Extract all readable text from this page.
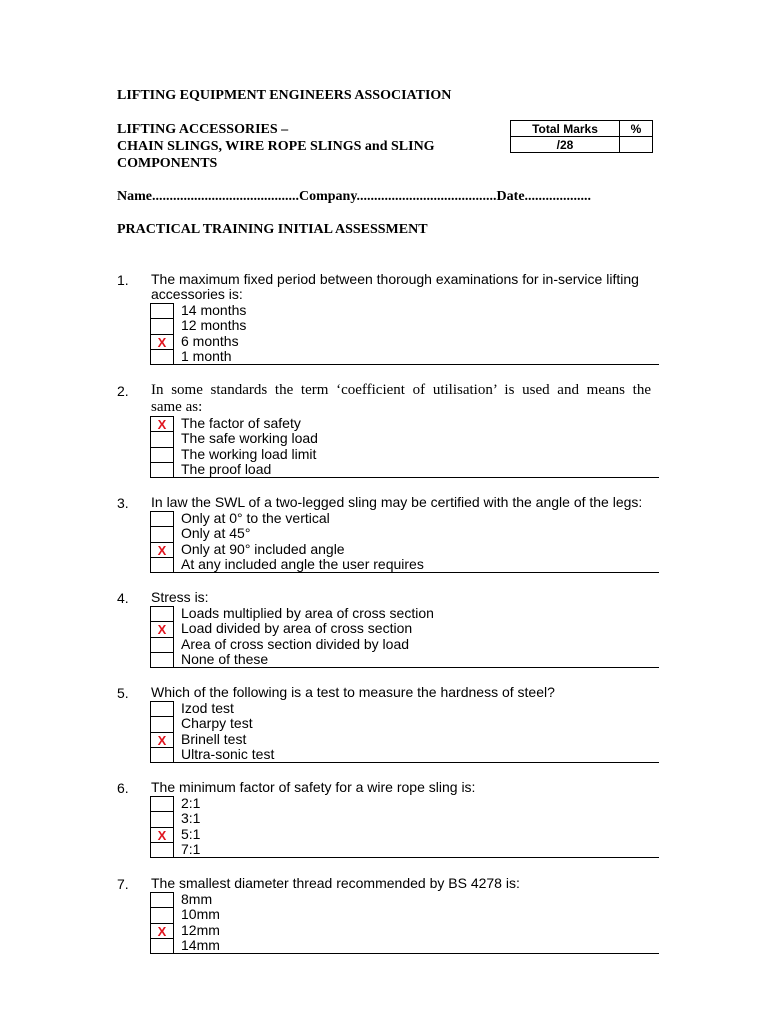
LIFTING EQUIPMENT ENGINEERS ASSOCIATION
LIFTING ACCESSORIES –
CHAIN SLINGS, WIRE ROPE SLINGS and SLING
COMPONENTS
Total Marks	%
/28	
Name..........................................Company........................................Date...................
PRACTICAL TRAINING INITIAL ASSESSMENT
1. The maximum fixed period between thorough examinations for in-service lifting accessories is:
14 months
12 months
X	6 months
1 month
2. In some standards the term ‘coefficient of utilisation’ is used and means the
same as:
X	The factor of safety
The safe working load
The working load limit
The proof load
3. In law the SWL of a two-legged sling may be certified with the angle of the legs:
Only at 0° to the vertical
Only at 45°
X	Only at 90° included angle
At any included angle the user requires
4. Stress is:
Loads multiplied by area of cross section
X	Load divided by area of cross section
Area of cross section divided by load
None of these
5. Which of the following is a test to measure the hardness of steel?
Izod test
Charpy test
X	Brinell test
Ultra-sonic test
6. The minimum factor of safety for a wire rope sling is:
2:1
3:1
X	5:1
7:1
7. The smallest diameter thread recommended by BS 4278 is:
8mm
10mm
X	12mm
14mm
